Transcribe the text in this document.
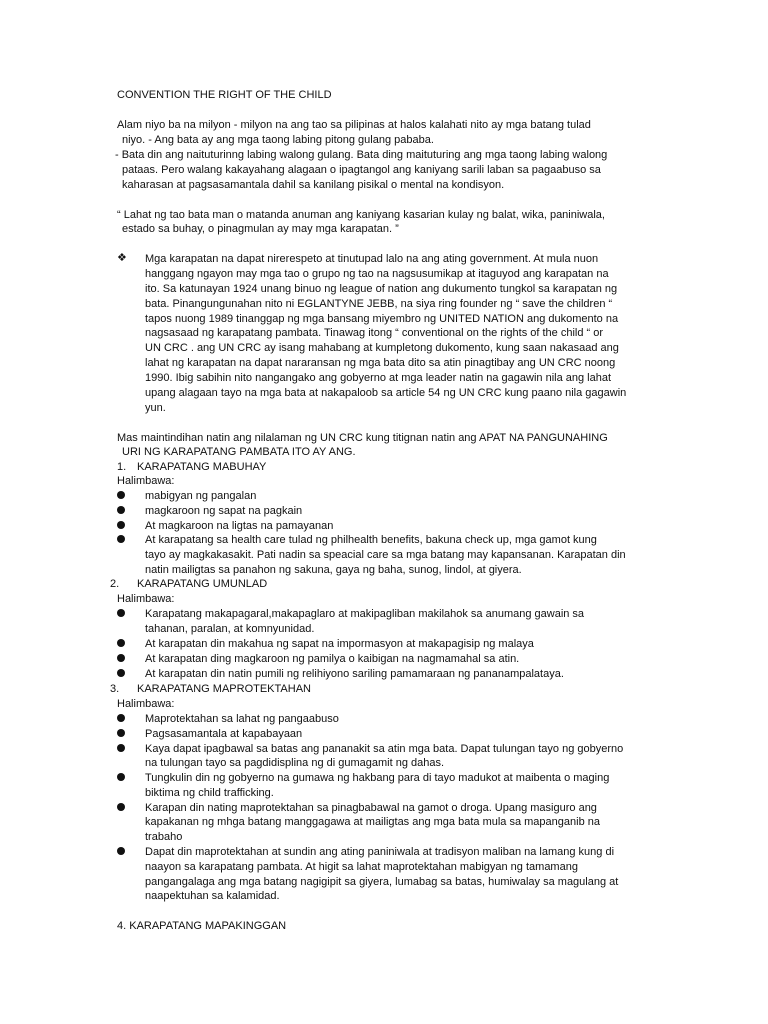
CONVENTION THE RIGHT OF THE CHILD
Alam niyo ba na milyon - milyon na ang tao sa pilipinas at halos kalahati nito ay mga batang tulad
niyo. - Ang bata ay ang mga taong labing pitong gulang pababa.
- Bata din ang naituturinng labing walong gulang. Bata ding maituturing ang mga taong labing walong
pataas. Pero walang kakayahang alagaan o ipagtangol ang kaniyang sarili laban sa pagaabuso sa
kaharasan at pagsasamantala dahil sa kanilang pisikal o mental na kondisyon.
“ Lahat ng tao bata man o matanda anuman ang kaniyang kasarian kulay ng balat, wika, paniniwala,
estado sa buhay, o pinagmulan ay may mga karapatan. ”
❖ Mga karapatan na dapat nirerespeto at tinutupad lalo na ang ating government. At mula nuon
hanggang ngayon may mga tao o grupo ng tao na nagsusumikap at itaguyod ang karapatan na
ito. Sa katunayan 1924 unang binuo ng league of nation ang dukumento tungkol sa karapatan ng
bata. Pinangungunahan nito ni EGLANTYNE JEBB, na siya ring founder ng “ save the children “
tapos nuong 1989 tinanggap ng mga bansang miyembro ng UNITED NATION ang dukomento na
nagsasaad ng karapatang pambata. Tinawag itong “ conventional on the rights of the child “ or
UN CRC . ang UN CRC ay isang mahabang at kumpletong dukomento, kung saan nakasaad ang
lahat ng karapatan na dapat nararansan ng mga bata dito sa atin pinagtibay ang UN CRC noong
1990. Ibig sabihin nito nangangako ang gobyerno at mga leader natin na gagawin nila ang lahat
upang alagaan tayo na mga bata at nakapaloob sa article 54 ng UN CRC kung paano nila gagawin
yun.
Mas maintindihan natin ang nilalaman ng UN CRC kung titignan natin ang APAT NA PANGUNAHING
URI NG KARAPATANG PAMBATA ITO AY ANG.
1. KARAPATANG MABUHAY
Halimbawa:
mabigyan ng pangalan
magkaroon ng sapat na pagkain
At magkaroon na ligtas na pamayanan
At karapatang sa health care tulad ng philhealth benefits, bakuna check up, mga gamot kung
tayo ay magkakasakit. Pati nadin sa speacial care sa mga batang may kapansanan. Karapatan din
natin mailigtas sa panahon ng sakuna, gaya ng baha, sunog, lindol, at giyera.
2. KARAPATANG UMUNLAD
Halimbawa:
Karapatang makapagaral,makapaglaro at makipagliban makilahok sa anumang gawain sa
tahanan, paralan, at komnyunidad.
At karapatan din makahua ng sapat na impormasyon at makapagisip ng malaya
At karapatan ding magkaroon ng pamilya o kaibigan na nagmamahal sa atin.
At karapatan din natin pumili ng relihiyono sariling pamamaraan ng pananampalataya.
3. KARAPATANG MAPROTEKTAHAN
Halimbawa:
Maprotektahan sa lahat ng pangaabuso
Pagsasamantala at kapabayaan
Kaya dapat ipagbawal sa batas ang pananakit sa atin mga bata. Dapat tulungan tayo ng gobyerno
na tulungan tayo sa pagdidisplina ng di gumagamit ng dahas.
Tungkulin din ng gobyerno na gumawa ng hakbang para di tayo madukot at maibenta o maging
biktima ng child trafficking.
Karapan din nating maprotektahan sa pinagbabawal na gamot o droga. Upang masiguro ang
kapakanan ng mhga batang manggagawa at mailigtas ang mga bata mula sa mapanganib na
trabaho
Dapat din maprotektahan at sundin ang ating paniniwala at tradisyon maliban na lamang kung di
naayon sa karapatang pambata. At higit sa lahat maprotektahan mabigyan ng tamamang
pangangalaga ang mga batang nagigipit sa giyera, lumabag sa batas, humiwalay sa magulang at
naapektuhan sa kalamidad.
4. KARAPATANG MAPAKINGGAN
